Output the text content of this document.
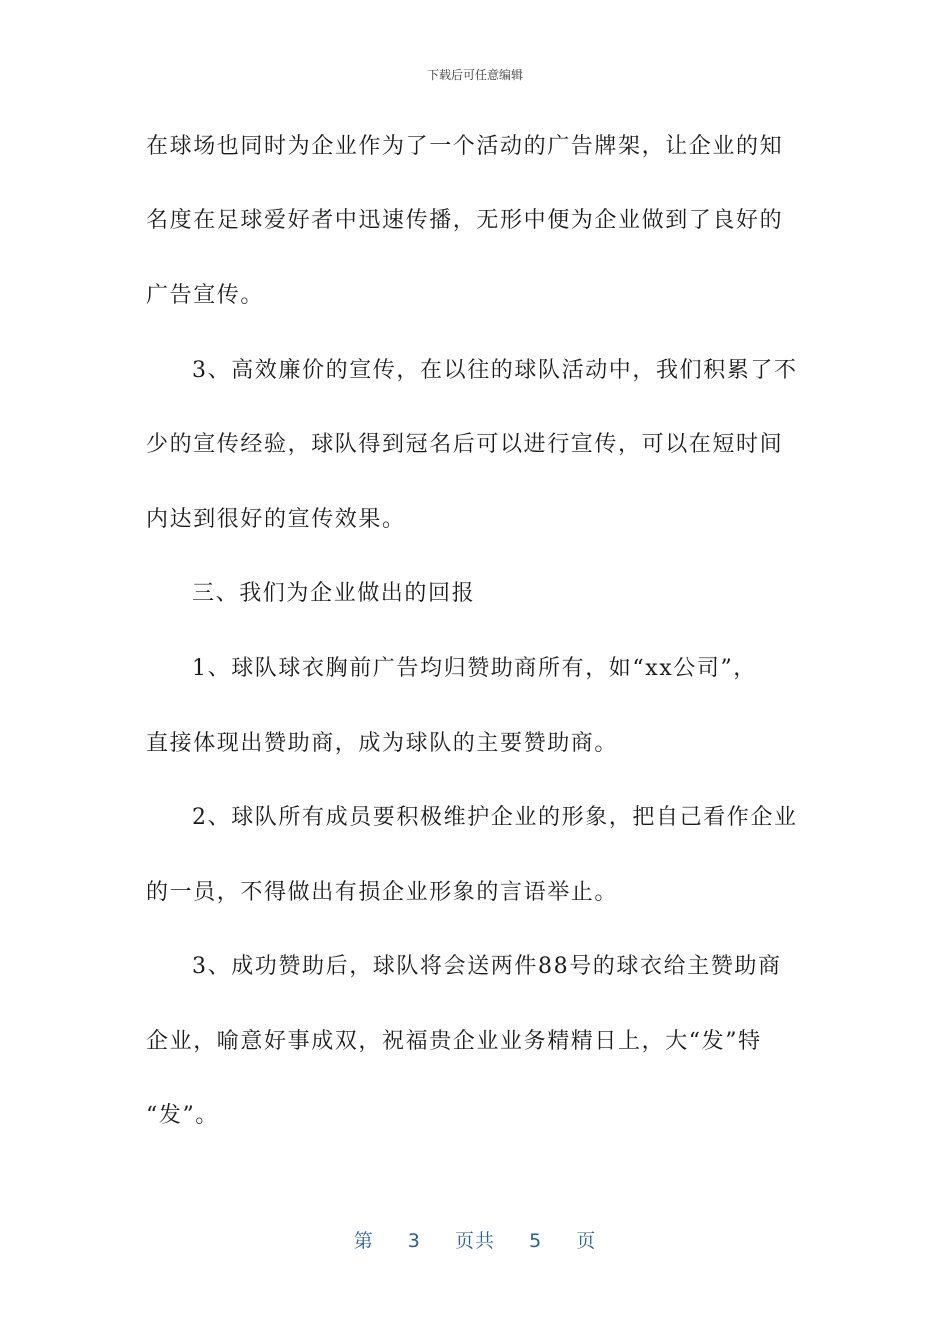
下载后可任意编辑
在球场也同时为企业作为了一个活动的广告牌架，让企业的知
名度在足球爱好者中迅速传播，无形中便为企业做到了良好的
广告宣传。
3、高效廉价的宣传，在以往的球队活动中，我们积累了不
少的宣传经验，球队得到冠名后可以进行宣传，可以在短时间
内达到很好的宣传效果。
三、我们为企业做出的回报
1、球队球衣胸前广告均归赞助商所有，如“xx公司”，
直接体现出赞助商，成为球队的主要赞助商。
2、球队所有成员要积极维护企业的形象，把自己看作企业
的一员，不得做出有损企业形象的言语举止。
3、成功赞助后，球队将会送两件88号的球衣给主赞助商
企业，喻意好事成双，祝福贵企业业务精精日上，大“发”特
“发”。
第 3 页共 5 页
